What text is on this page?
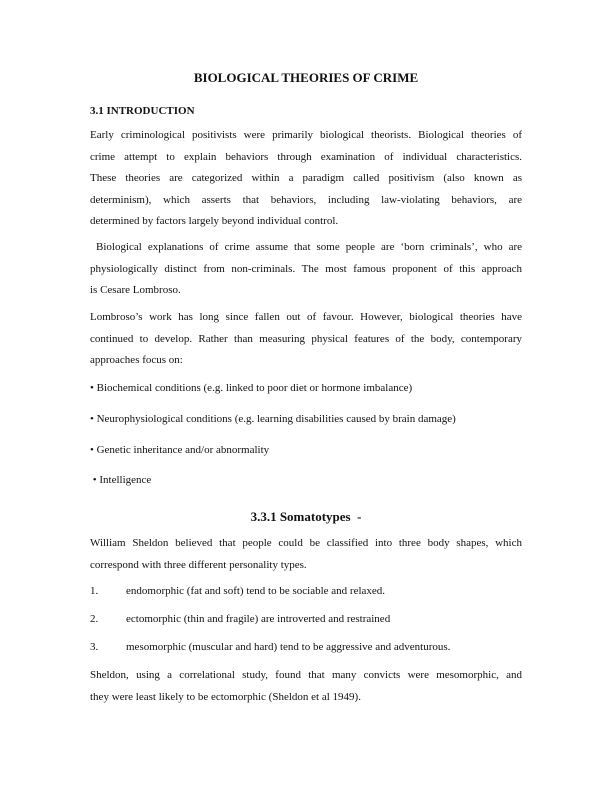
BIOLOGICAL THEORIES OF CRIME
3.1 INTRODUCTION
Early criminological positivists were primarily biological theorists. Biological theories of
crime attempt to explain behaviors through examination of individual characteristics.
These theories are categorized within a paradigm called positivism (also known as
determinism), which asserts that behaviors, including law-violating behaviors, are
determined by factors largely beyond individual control.
Biological explanations of crime assume that some people are ‘born criminals’, who are
physiologically distinct from non-criminals. The most famous proponent of this approach
is Cesare Lombroso.
Lombroso’s work has long since fallen out of favour. However, biological theories have
continued to develop. Rather than measuring physical features of the body, contemporary
approaches focus on:
• Biochemical conditions (e.g. linked to poor diet or hormone imbalance)
• Neurophysiological conditions (e.g. learning disabilities caused by brain damage)
• Genetic inheritance and/or abnormality
• Intelligence
3.3.1 Somatotypes  -
William Sheldon believed that people could be classified into three body shapes, which
correspond with three different personality types.
1.	endomorphic (fat and soft) tend to be sociable and relaxed.
2.	ectomorphic (thin and fragile) are introverted and restrained
3.	mesomorphic (muscular and hard) tend to be aggressive and adventurous.
Sheldon, using a correlational study, found that many convicts were mesomorphic, and
they were least likely to be ectomorphic (Sheldon et al 1949).
